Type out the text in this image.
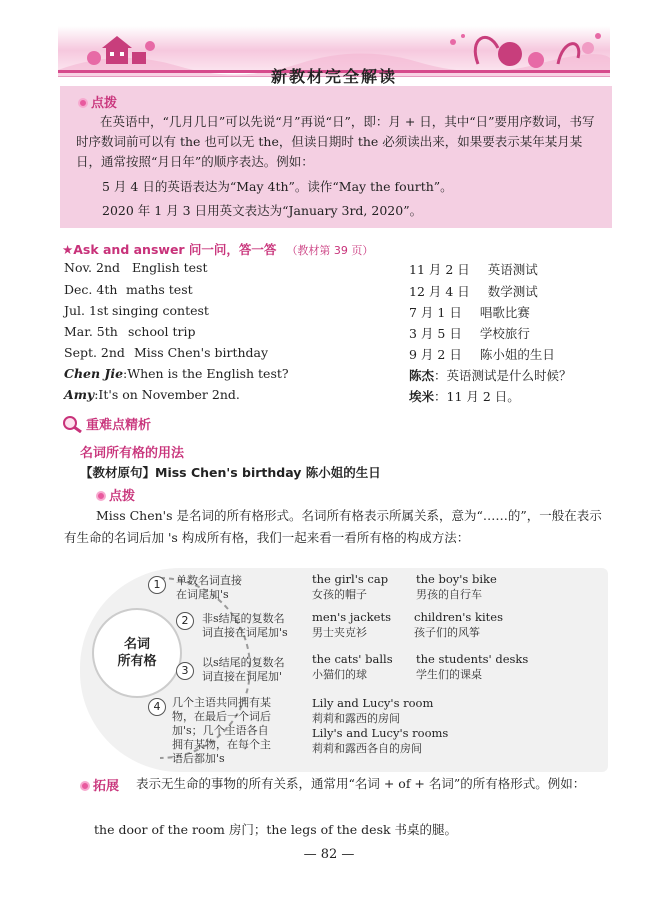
新教材完全解读
点拨
在英语中，“几月几日”可以先说“月”再说“日”，即：月 + 日，其中“日”要用序数词，书写时序数词前可以有 the 也可以无 the，但读日期时 the 必须读出来，如果要表示某年某月某日，通常按照“月日年”的顺序表达。例如：
5 月 4 日的英语表达为“May 4th”。读作“May the fourth”。
2020 年 1 月 3 日用英文表达为“January 3rd, 2020”。
★Ask and answer 问一问，答一答 （教材第 39 页）
Nov. 2nd English test	11 月 2 日 英语测试
Dec. 4th maths test	12 月 4 日 数学测试
Jul. 1st singing contest	7 月 1 日 唱歌比赛
Mar. 5th school trip	3 月 5 日 学校旅行
Sept. 2nd Miss Chen's birthday	9 月 2 日 陈小姐的生日
Chen Jie:When is the English test?	陈杰：英语测试是什么时候？
Amy:It's on November 2nd.	埃米：11 月 2 日。
重难点精析
名词所有格的用法
【教材原句】Miss Chen's birthday 陈小姐的生日
点拨
Miss Chen's 是名词的所有格形式。名词所有格表示所属关系，意为“……的”，一般在表示有生命的名词后加 's 构成所有格，我们一起来看一看所有格的构成方法：
名词
所有格
1	单数名词直接
在词尾加's
the girl's cap
女孩的帽子
the boy's bike
男孩的自行车
2	非s结尾的复数名
词直接在词尾加's
men's jackets
男士夹克衫
children's kites
孩子们的风筝
3
以s结尾的复数名
词直接在词尾加'
the cats' balls
小猫们的球
the students' desks
学生们的课桌
4	几个主语共同拥有某
物，在最后一个词后
加's；几个主语各自
拥有某物，在每个主
语后都加's
Lily and Lucy's room
莉莉和露西的房间
Lily's and Lucy's rooms
莉莉和露西各自的房间
表示无生命的事物的所有关系，通常用“名词 + of + 名词”的所有格形式。例如：
拓展
the door of the room 房门；the legs of the desk 书桌的腿。
— 82 —
